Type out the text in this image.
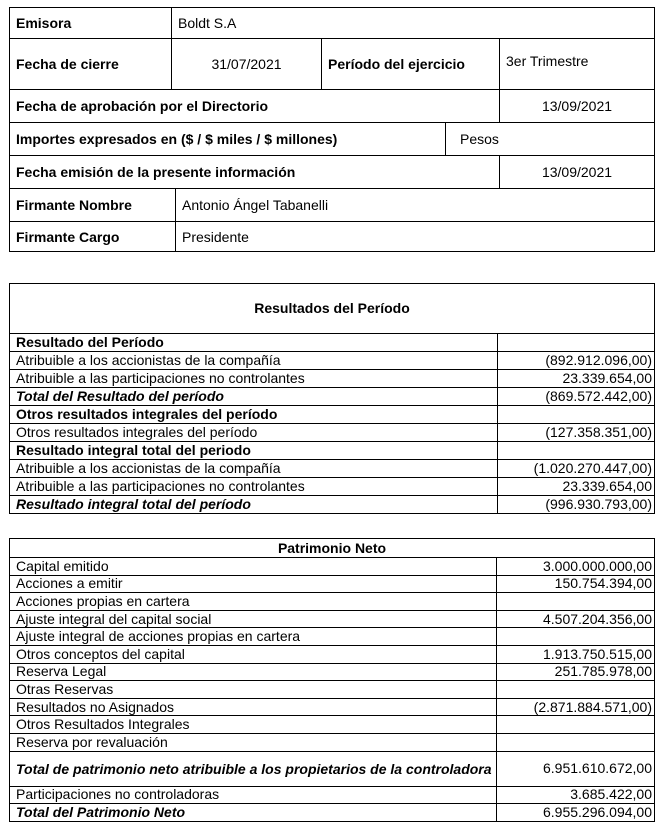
Emisora	Boldt S.A		
Fecha de cierre	31/07/2021	Período del ejercicio	3er Trimestre
Fecha de aprobación por el Directorio	13/09/2021
Importes expresados en ($ / $ miles / $ millones)	Pesos
Fecha emisión de la presente información	13/09/2021
Firmante Nombre	Antonio Ángel Tabanelli
Firmante Cargo	Presidente
Resultados del Período	
Resultado del Período	
Atribuible a los accionistas de la compañía	(892.912.096,00)
Atribuible a las participaciones no controlantes	23.339.654,00
Total del Resultado del período	(869.572.442,00)
Otros resultados integrales del período	
Otros resultados integrales del período	(127.358.351,00)
Resultado integral total del periodo	
Atribuible a los accionistas de la compañía	(1.020.270.447,00)
Atribuible a las participaciones no controlantes	23.339.654,00
Resultado integral total del período	(996.930.793,00)
Patrimonio Neto	
Capital emitido	3.000.000.000,00
Acciones a emitir	150.754.394,00
Acciones propias en cartera	
Ajuste integral del capital social	4.507.204.356,00
Ajuste integral de acciones propias en cartera	
Otros conceptos del capital	1.913.750.515,00
Reserva Legal	251.785.978,00
Otras Reservas	
Resultados no Asignados	(2.871.884.571,00)
Otros Resultados Integrales	
Reserva por revaluación	
Total de patrimonio neto atribuible a los propietarios de la controladora	6.951.610.672,00
Participaciones no controladoras	3.685.422,00
Total del Patrimonio Neto	6.955.296.094,00
